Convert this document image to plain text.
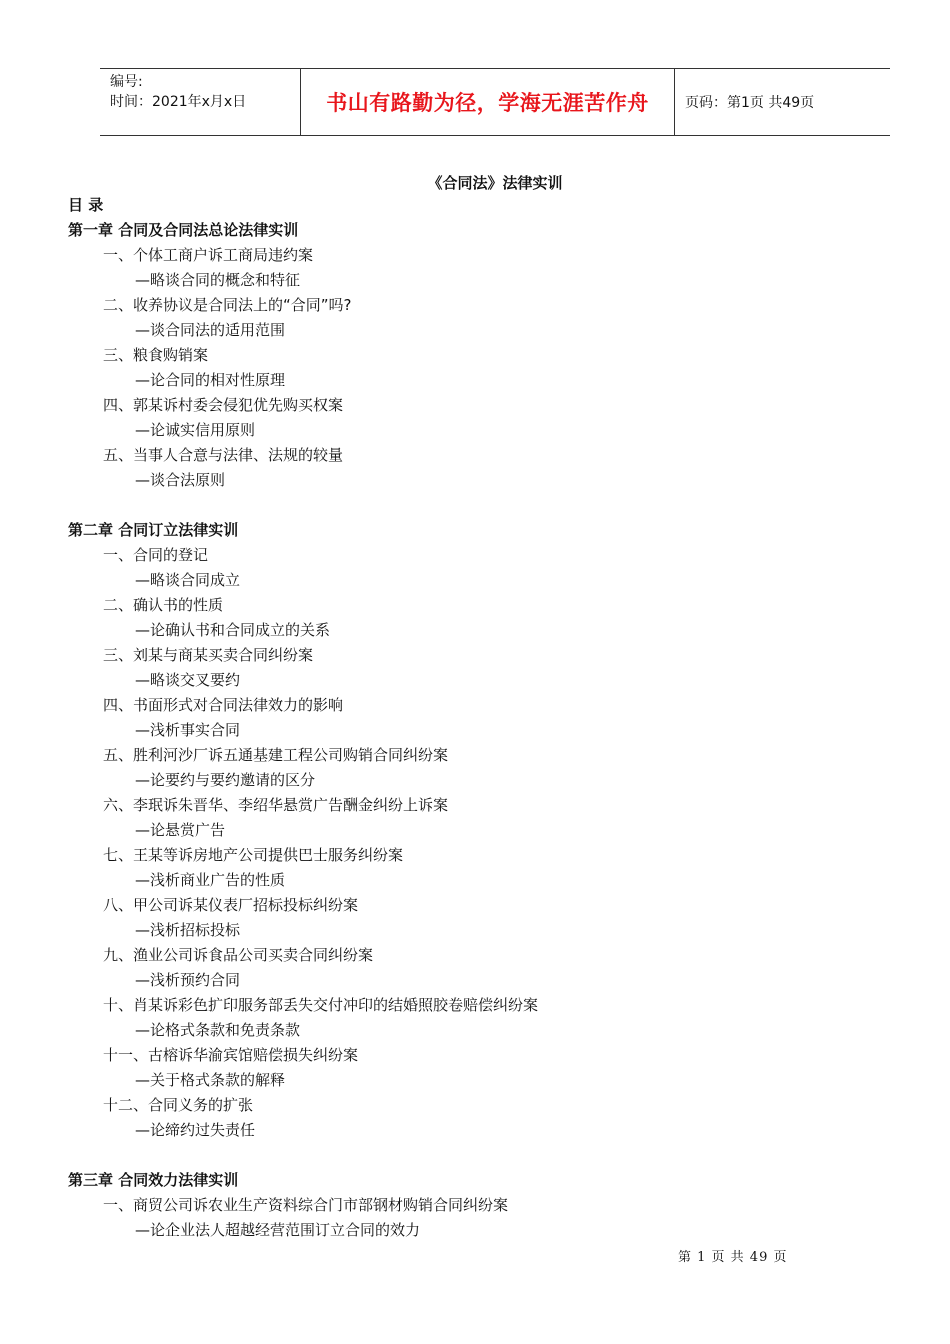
编号:
时间：2021年x月x日	书山有路勤为径，学海无涯苦作舟	页码：第1页 共49页
《合同法》法律实训
目 录
第一章 合同及合同法总论法律实训
一、个体工商户诉工商局违约案
—略谈合同的概念和特征
二、收养协议是合同法上的“合同”吗?
—谈合同法的适用范围
三、粮食购销案
—论合同的相对性原理
四、郭某诉村委会侵犯优先购买权案
—论诚实信用原则
五、当事人合意与法律、法规的较量
—谈合法原则
第二章 合同订立法律实训
一、合同的登记
—略谈合同成立
二、确认书的性质
—论确认书和合同成立的关系
三、刘某与商某买卖合同纠纷案
—略谈交叉要约
四、书面形式对合同法律效力的影响
—浅析事实合同
五、胜利河沙厂诉五通基建工程公司购销合同纠纷案
—论要约与要约邀请的区分
六、李珉诉朱晋华、李绍华悬赏广告酬金纠纷上诉案
—论悬赏广告
七、王某等诉房地产公司提供巴士服务纠纷案
—浅析商业广告的性质
八、甲公司诉某仪表厂招标投标纠纷案
—浅析招标投标
九、渔业公司诉食品公司买卖合同纠纷案
—浅析预约合同
十、肖某诉彩色扩印服务部丢失交付冲印的结婚照胶卷赔偿纠纷案
—论格式条款和免责条款
十一、古榕诉华渝宾馆赔偿损失纠纷案
—关于格式条款的解释
十二、合同义务的扩张
—论缔约过失责任
第三章 合同效力法律实训
一、商贸公司诉农业生产资料综合门市部钢材购销合同纠纷案
—论企业法人超越经营范围订立合同的效力
第 1 页 共 49 页
